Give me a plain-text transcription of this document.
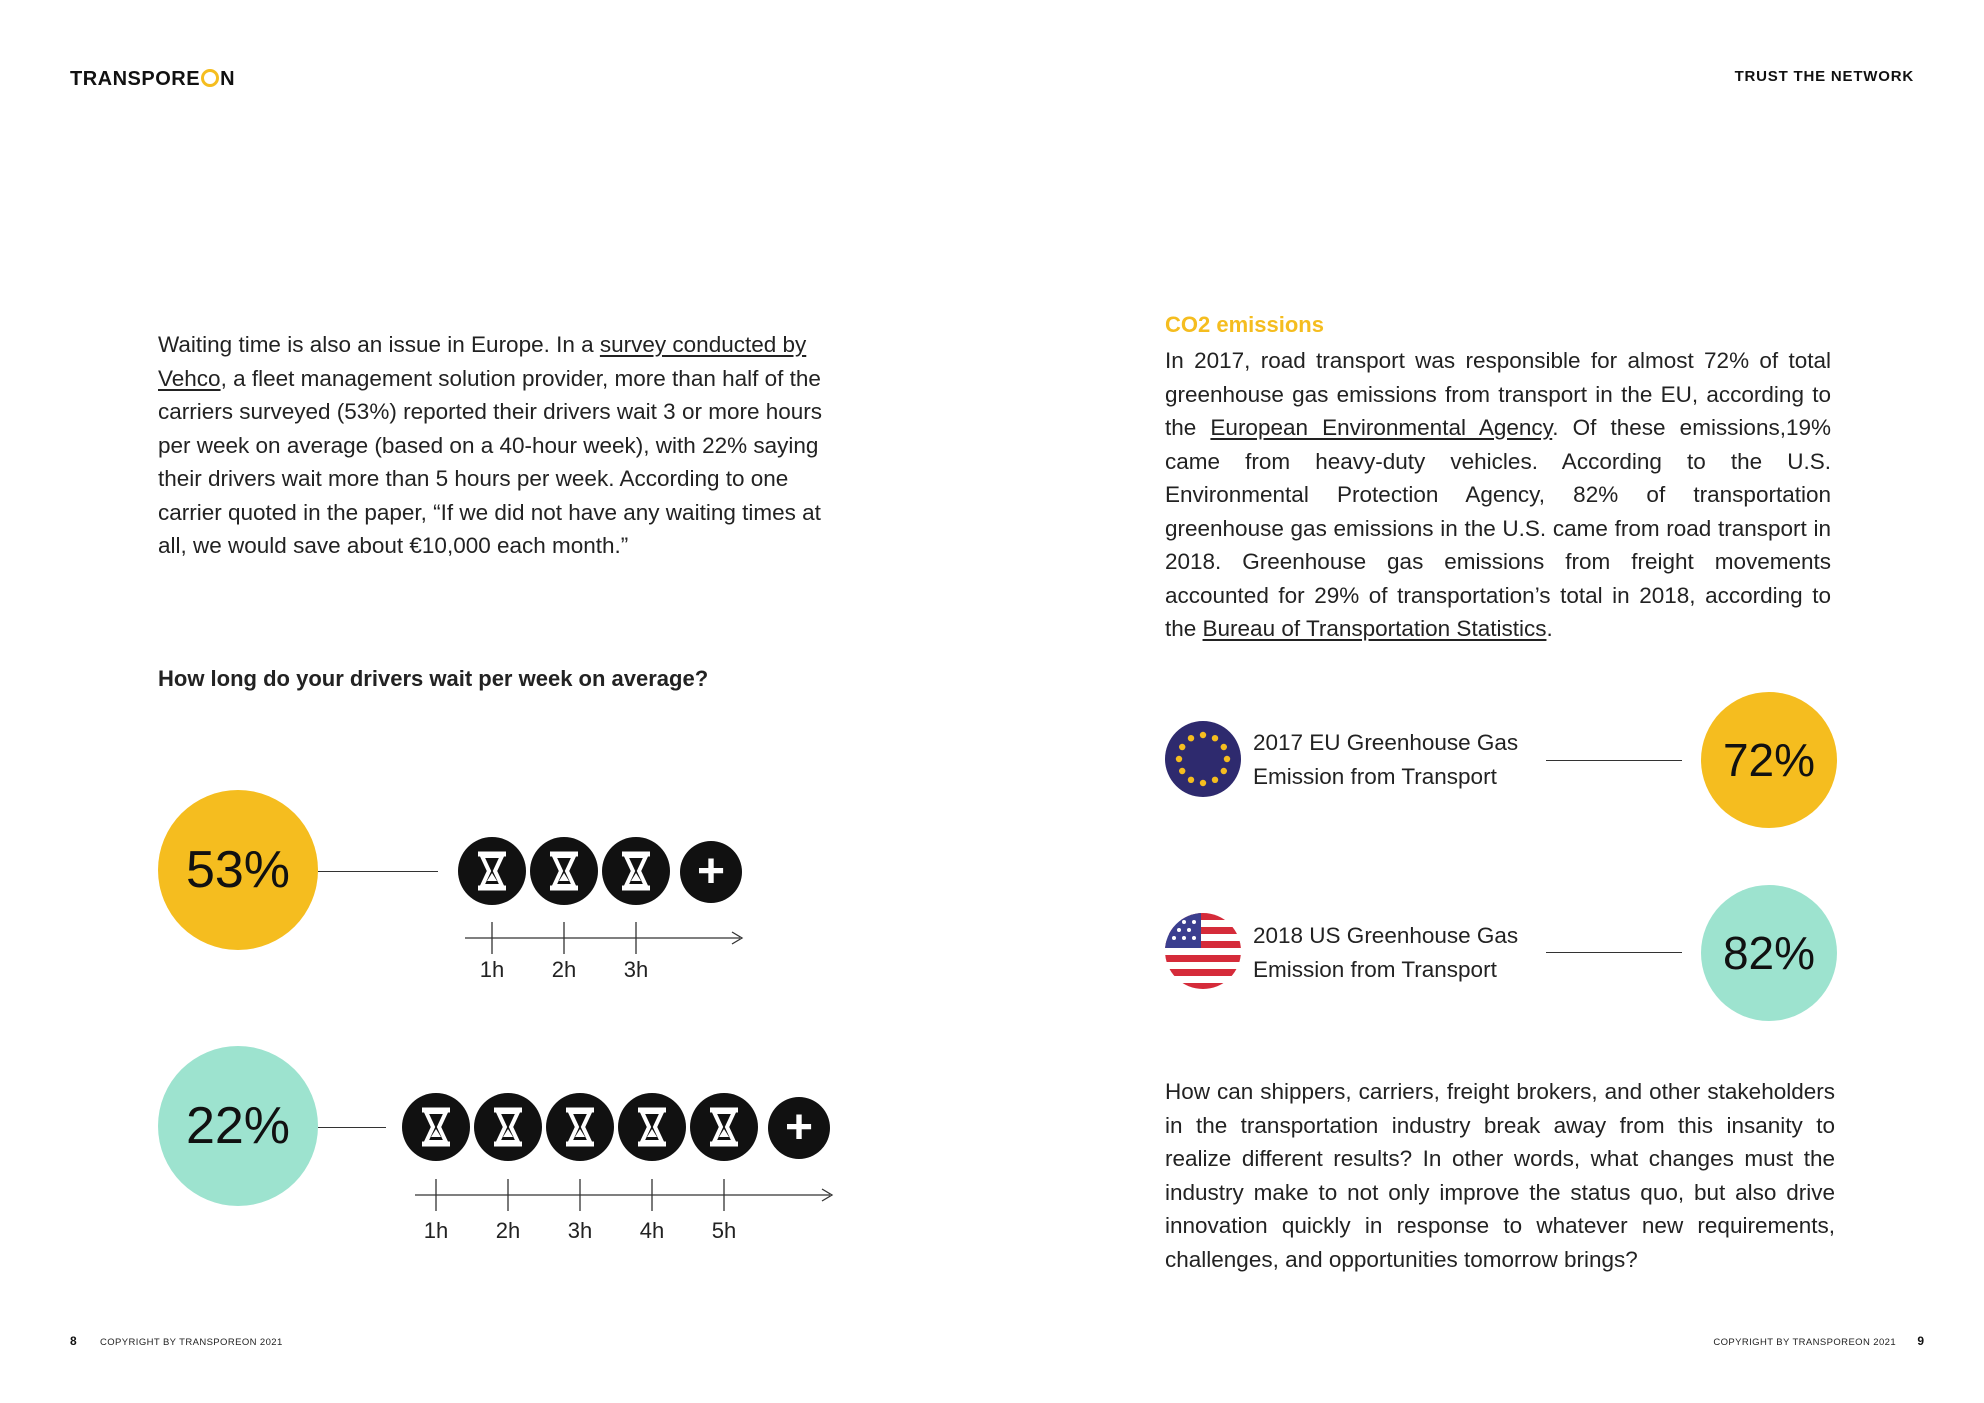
TRANSPORE N	TRUST THE NETWORK
Waiting time is also an issue in Europe. In a survey conducted by Vehco, a fleet management solution provider, more than half of the carriers surveyed (53%) reported their drivers wait 3 or more hours per week on average (based on a 40-hour week), with 22% saying their drivers wait more than 5 hours per week. According to one carrier quoted in the paper, “If we did not have any waiting times at all, we would save about €10,000 each month.”
How long do your drivers wait per week on average?
53%	+
1h	2h	3h
22%	+
1h	2h	3h	4h	5h
CO2 emissions
In 2017, road transport was responsible for almost 72% of total greenhouse gas emissions from transport in the EU, according to the European Environmental Agency. Of these emissions,19% came from heavy-duty vehicles. According to the U.S. Environmental Protection Agency, 82% of transportation greenhouse gas emissions in the U.S. came from road transport in 2018. Greenhouse gas emissions from freight movements accounted for 29% of transportation’s total in 2018, according to the Bureau of Transportation Statistics.
2017 EU Greenhouse Gas
Emission from Transport	72%
2018 US Greenhouse Gas
Emission from Transport	82%
How can shippers, carriers, freight brokers, and other stakeholders in the transportation industry break away from this insanity to realize different results? In other words, what changes must the industry make to not only improve the status quo, but also drive innovation quickly in response to whatever new requirements, challenges, and opportunities tomorrow brings?
8 COPYRIGHT BY TRANSPOREON 2021	COPYRIGHT BY TRANSPOREON 2021 9
